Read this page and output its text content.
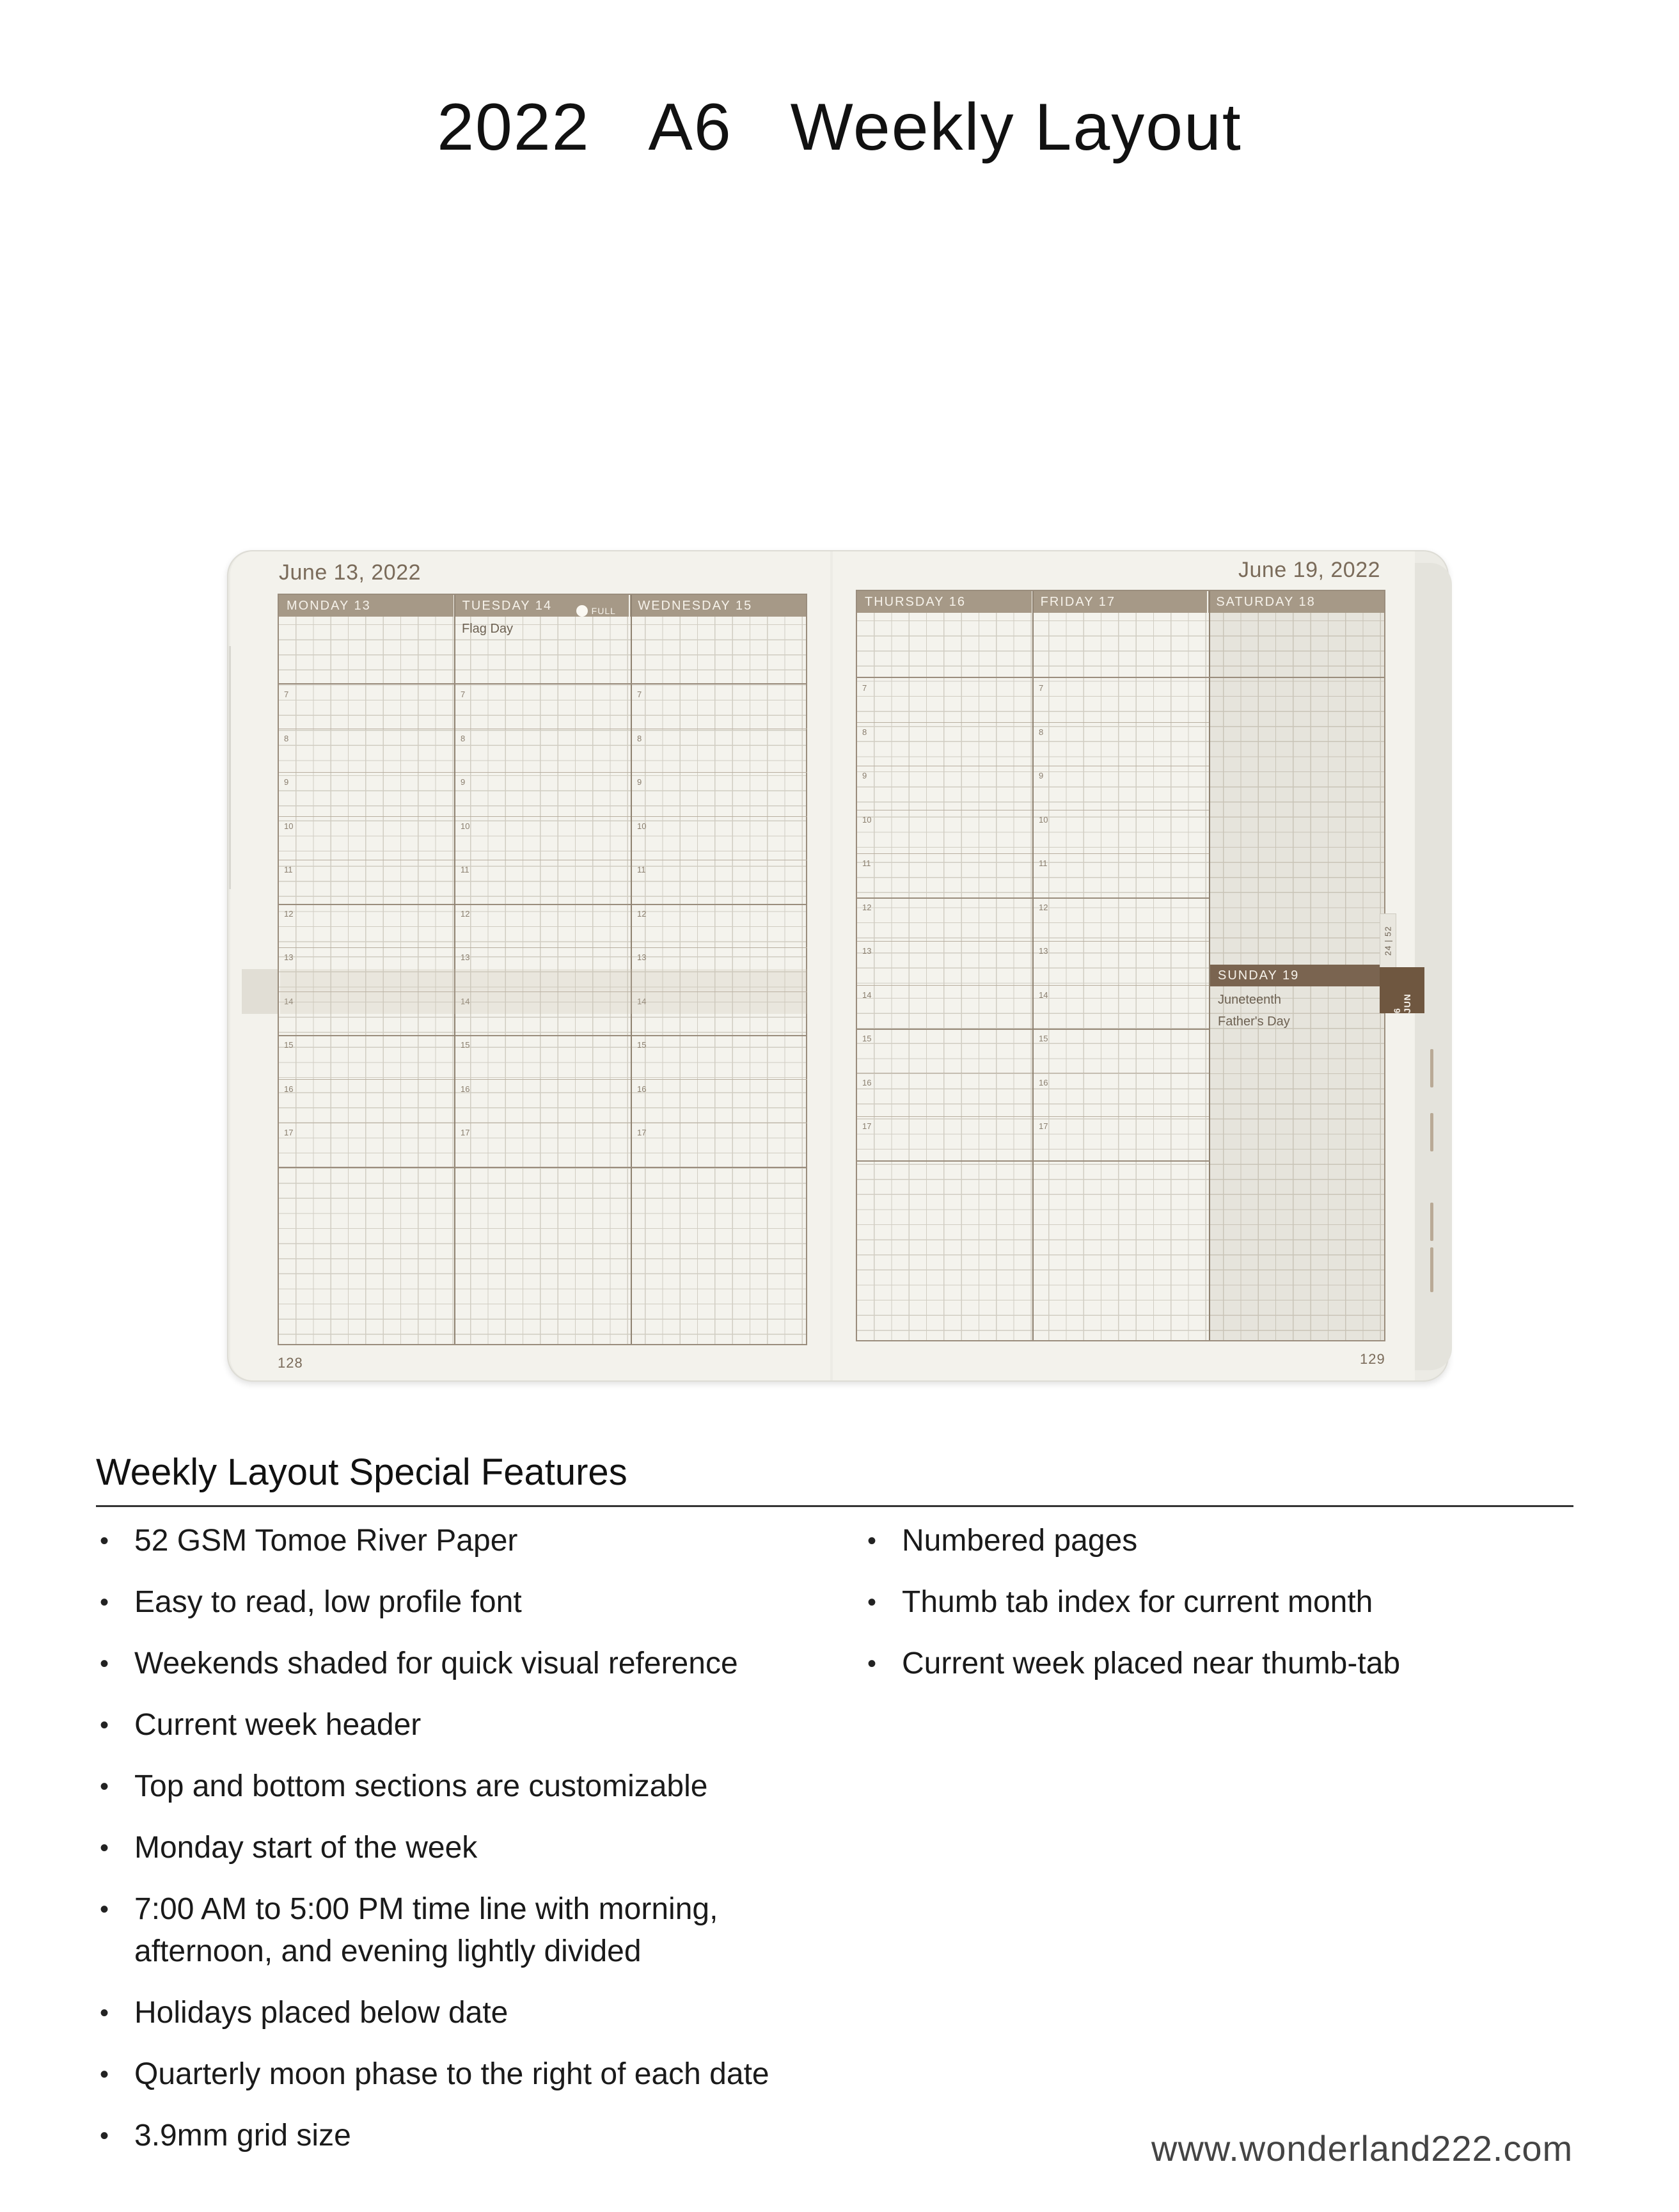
2022 A6 Weekly Layout
June 13, 2022
MONDAY 13	TUESDAY 14	FULL	WEDNESDAY 15
Flag Day
7	7	7
8	8	8
9	9	9
10	10	10
11	11	11
12	12	12
13	13	13
14	14	14
15	15	15
16	16	16
17	17	17
128
June 19, 2022
THURSDAY 16	FRIDAY 17	SATURDAY 18
SUNDAY 19
Juneteenth
Father's Day
7	7
8	8
9	9
10	10
11	11
12	12
13	13
14	14
15	15
16	16
17	17
129
24 | 52
6 JUN
Weekly Layout Special Features
• 52 GSM Tomoe River Paper
• Easy to read, low profile font
• Weekends shaded for quick visual reference
• Current week header
• Top and bottom sections are customizable
• Monday start of the week
• 7:00 AM to 5:00 PM time line with morning, afternoon, and evening lightly divided
• Holidays placed below date
• Quarterly moon phase to the right of each date
• 3.9mm grid size
• Numbered pages
• Thumb tab index for current month
• Current week placed near thumb-tab
www.wonderland222.com
